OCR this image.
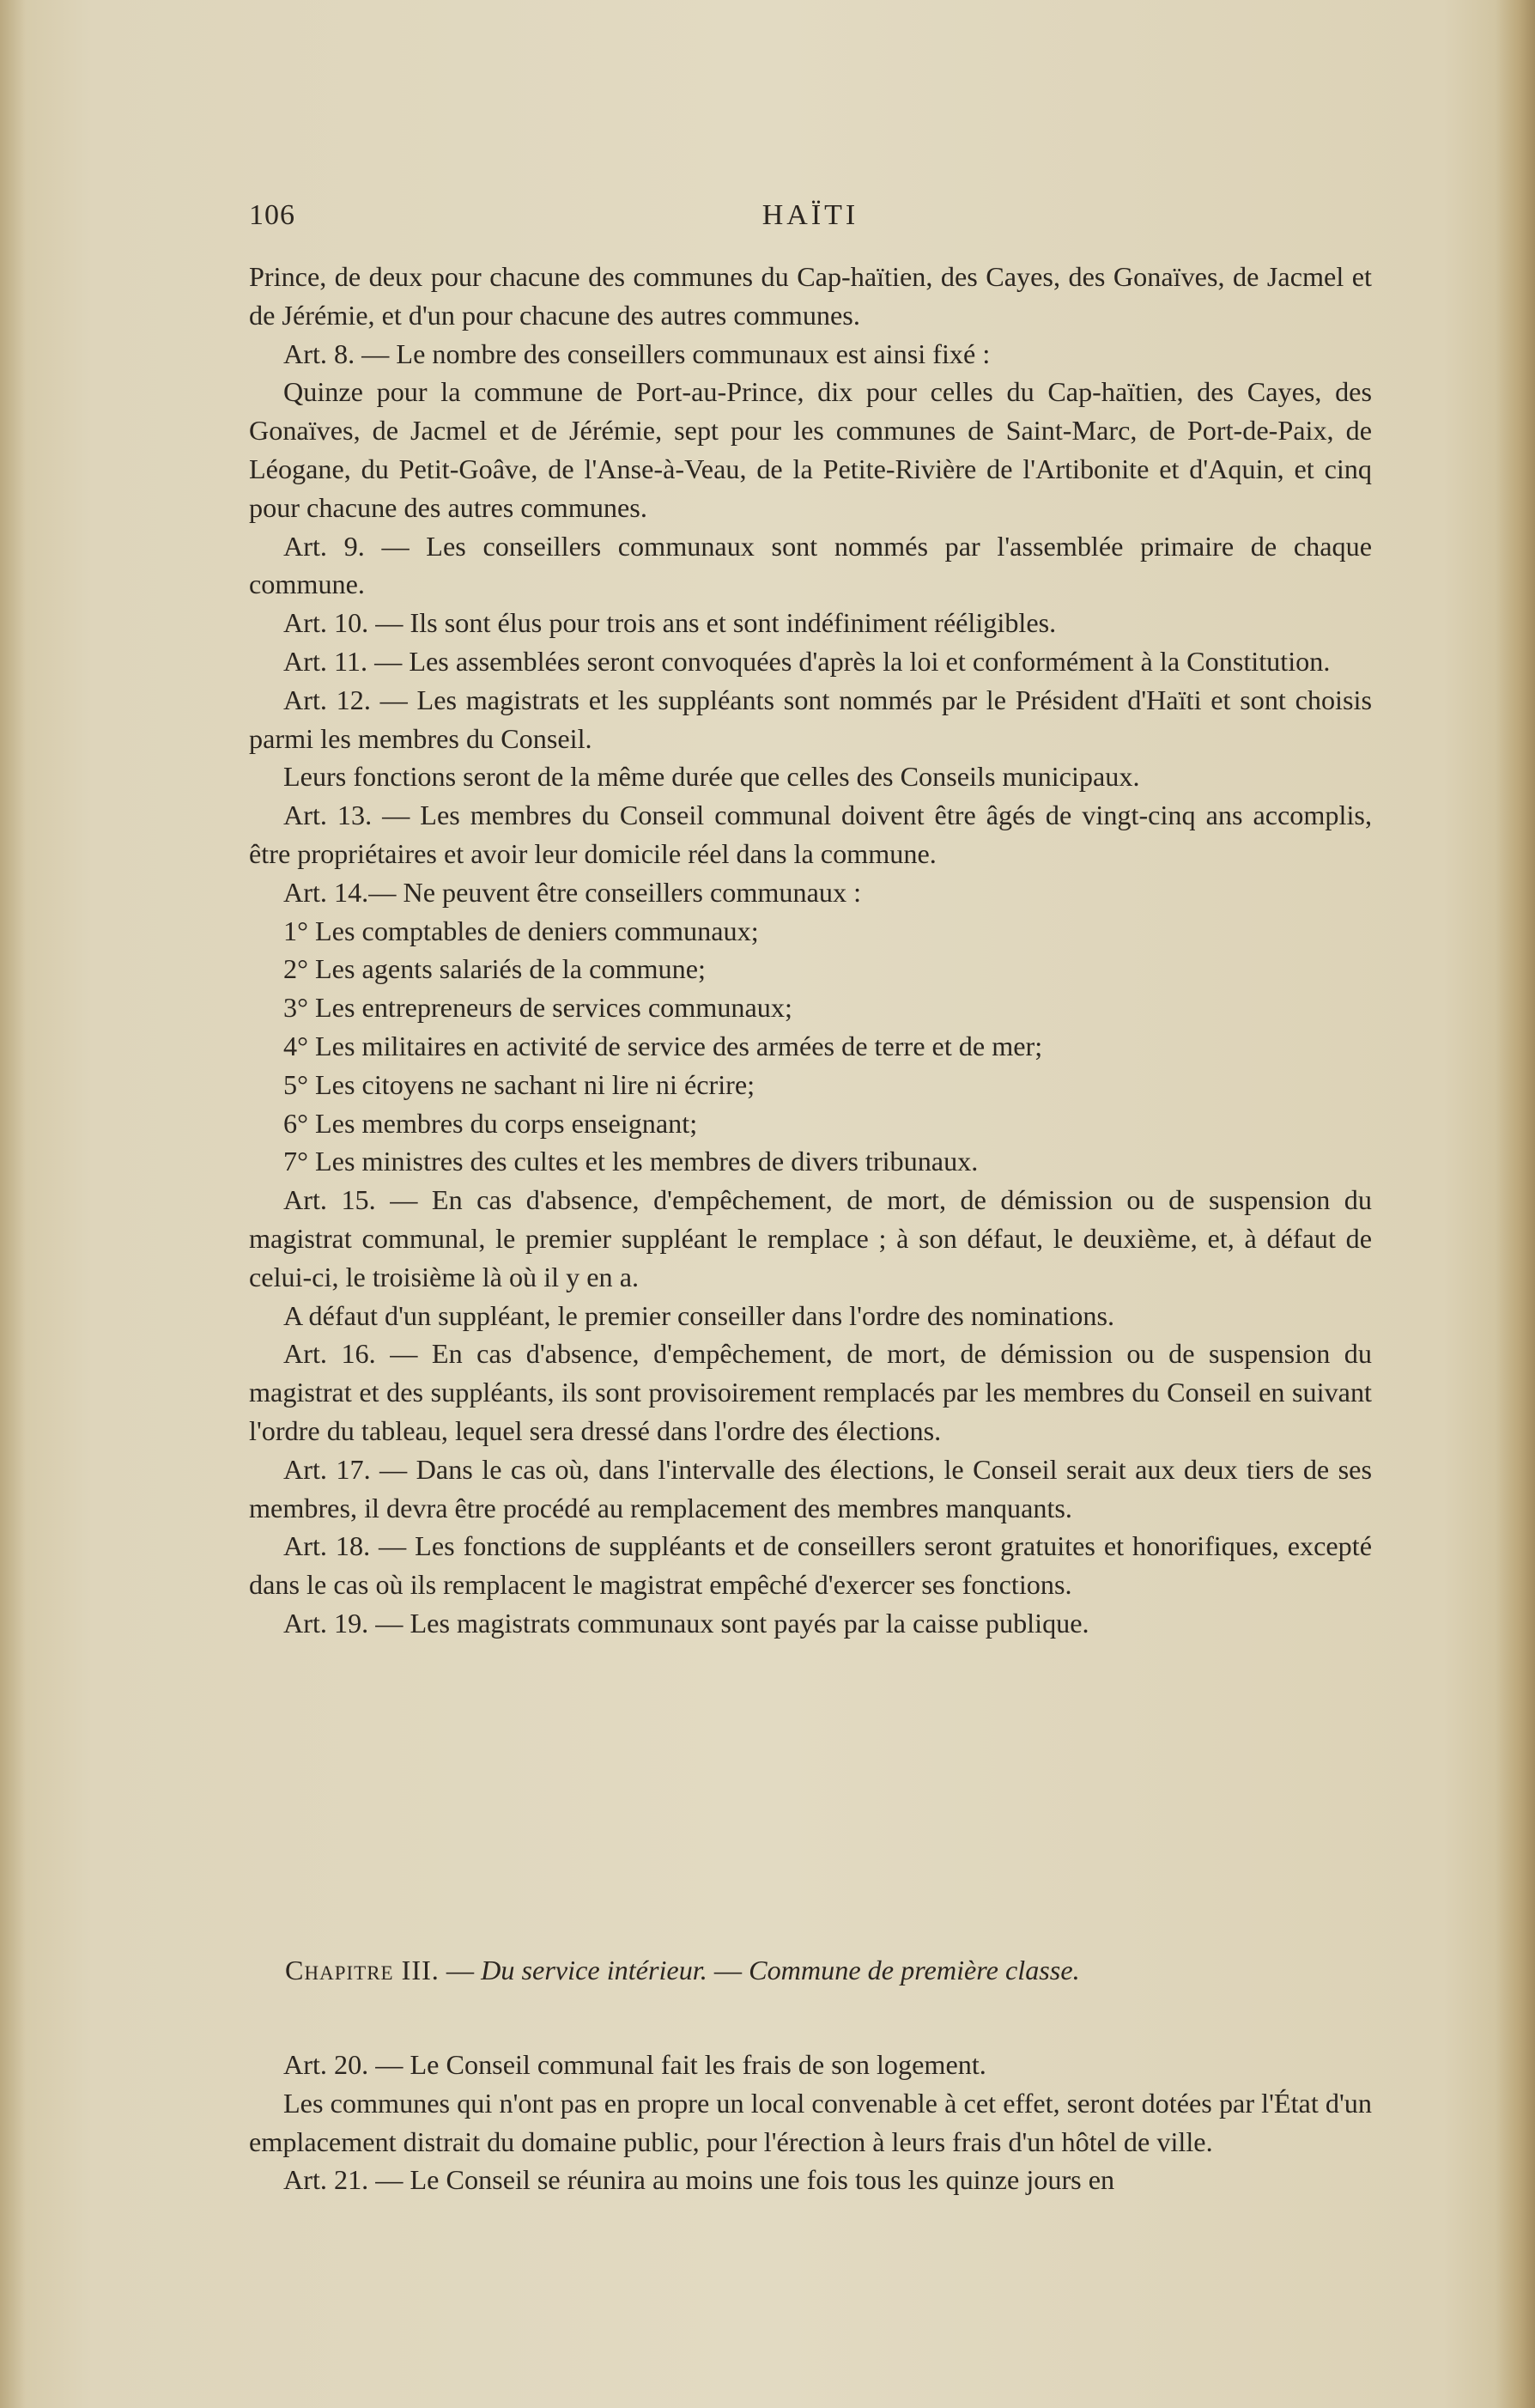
106	HAÏTI

Prince, de deux pour chacune des communes du Cap-haïtien, des Cayes, des Gonaïves, de Jacmel et de Jérémie, et d'un pour chacune des autres communes.

Art. 8. — Le nombre des conseillers communaux est ainsi fixé :

Quinze pour la commune de Port-au-Prince, dix pour celles du Cap-haïtien, des Cayes, des Gonaïves, de Jacmel et de Jérémie, sept pour les communes de Saint-Marc, de Port-de-Paix, de Léogane, du Petit-Goâve, de l'Anse-à-Veau, de la Petite-Rivière de l'Artibonite et d'Aquin, et cinq pour chacune des autres communes.

Art. 9. — Les conseillers communaux sont nommés par l'assemblée primaire de chaque commune.

Art. 10. — Ils sont élus pour trois ans et sont indéfiniment rééligibles.

Art. 11. — Les assemblées seront convoquées d'après la loi et conformément à la Constitution.

Art. 12. — Les magistrats et les suppléants sont nommés par le Président d'Haïti et sont choisis parmi les membres du Conseil.

Leurs fonctions seront de la même durée que celles des Conseils municipaux.

Art. 13. — Les membres du Conseil communal doivent être âgés de vingt-cinq ans accomplis, être propriétaires et avoir leur domicile réel dans la commune.

Art. 14.— Ne peuvent être conseillers communaux :

1° Les comptables de deniers communaux;

2° Les agents salariés de la commune;

3° Les entrepreneurs de services communaux;

4° Les militaires en activité de service des armées de terre et de mer;

5° Les citoyens ne sachant ni lire ni écrire;

6° Les membres du corps enseignant;

7° Les ministres des cultes et les membres de divers tribunaux.

Art. 15. — En cas d'absence, d'empêchement, de mort, de démission ou de suspension du magistrat communal, le premier suppléant le remplace ; à son défaut, le deuxième, et, à défaut de celui-ci, le troisième là où il y en a.

A défaut d'un suppléant, le premier conseiller dans l'ordre des nominations.

Art. 16. — En cas d'absence, d'empêchement, de mort, de démission ou de suspension du magistrat et des suppléants, ils sont provisoirement remplacés par les membres du Conseil en suivant l'ordre du tableau, lequel sera dressé dans l'ordre des élections.

Art. 17. — Dans le cas où, dans l'intervalle des élections, le Conseil serait aux deux tiers de ses membres, il devra être procédé au remplacement des membres manquants.

Art. 18. — Les fonctions de suppléants et de conseillers seront gratuites et honorifiques, excepté dans le cas où ils remplacent le magistrat empêché d'exercer ses fonctions.

Art. 19. — Les magistrats communaux sont payés par la caisse publique.

Chapitre III. — Du service intérieur. — Commune de première classe.

Art. 20. — Le Conseil communal fait les frais de son logement.

Les communes qui n'ont pas en propre un local convenable à cet effet, seront dotées par l'État d'un emplacement distrait du domaine public, pour l'érection à leurs frais d'un hôtel de ville.

Art. 21. — Le Conseil se réunira au moins une fois tous les quinze jours en
